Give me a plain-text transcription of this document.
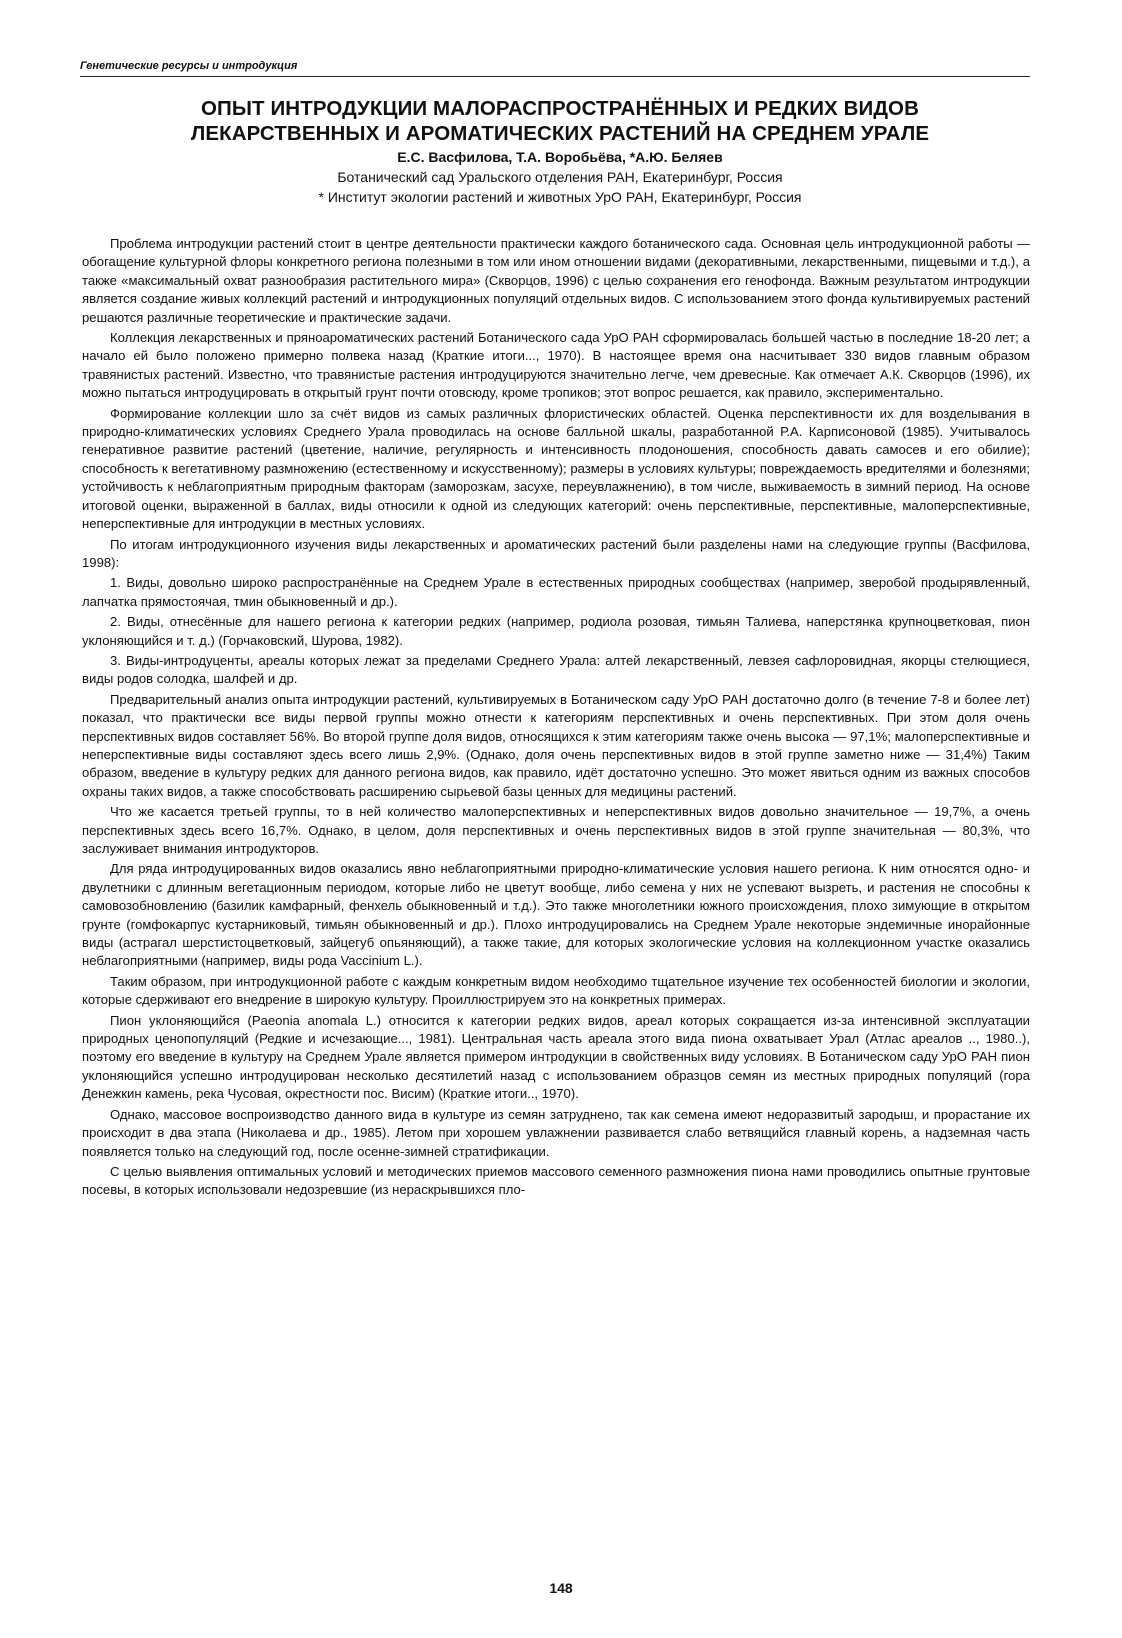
Генетические ресурсы и интродукция
ОПЫТ ИНТРОДУКЦИИ МАЛОРАСПРОСТРАНЁННЫХ И РЕДКИХ ВИДОВ
ЛЕКАРСТВЕННЫХ И АРОМАТИЧЕСКИХ РАСТЕНИЙ НА СРЕДНЕМ УРАЛЕ
Е.С. Васфилова, Т.А. Воробьёва, *А.Ю. Беляев
Ботанический сад Уральского отделения РАН, Екатеринбург, Россия
* Институт экологии растений и животных УрО РАН, Екатеринбург, Россия

Проблема интродукции растений стоит в центре деятельности практически каждого ботанического сада. Основная цель интродукционной работы — обогащение культурной флоры конкретного региона полезными в том или ином отношении видами (декоративными, лекарственными, пищевыми и т.д.), а также «максимальный охват разнообразия растительного мира» (Скворцов, 1996) с целью сохранения его генофонда. Важным результатом интродукции является создание живых коллекций растений и интродукционных популяций отдельных видов. С использованием этого фонда культивируемых растений решаются различные теоретические и практические задачи.

Коллекция лекарственных и пряноароматических растений Ботанического сада УрО РАН сформировалась большей частью в последние 18-20 лет; а начало ей было положено примерно полвека назад (Краткие итоги..., 1970). В настоящее время она насчитывает 330 видов главным образом травянистых растений. Известно, что травянистые растения интродуцируются значительно легче, чем древесные. Как отмечает А.К. Скворцов (1996), их можно пытаться интродуцировать в открытый грунт почти отовсюду, кроме тропиков; этот вопрос решается, как правило, экспериментально.

Формирование коллекции шло за счёт видов из самых различных флористических областей. Оценка перспективности их для возделывания в природно-климатических условиях Среднего Урала проводилась на основе балльной шкалы, разработанной Р.А. Карписоновой (1985). Учитывалось генеративное развитие растений (цветение, наличие, регулярность и интенсивность плодоношения, способность давать самосев и его обилие); способность к вегетативному размножению (естественному и искусственному); размеры в условиях культуры; повреждаемость вредителями и болезнями; устойчивость к неблагоприятным природным факторам (заморозкам, засухе, переувлажнению), в том числе, выживаемость в зимний период. На основе итоговой оценки, выраженной в баллах, виды относили к одной из следующих категорий: очень перспективные, перспективные, малоперспективные, неперспективные для интродукции в местных условиях.

По итогам интродукционного изучения виды лекарственных и ароматических растений были разделены нами на следующие группы (Васфилова, 1998):

1. Виды, довольно широко распространённые на Среднем Урале в естественных природных сообществах (например, зверобой продырявленный, лапчатка прямостоячая, тмин обыкновенный и др.).

2. Виды, отнесённые для нашего региона к категории редких (например, родиола розовая, тимьян Талиева, наперстянка крупноцветковая, пион уклоняющийся и т. д.) (Горчаковский, Шурова, 1982).

3. Виды-интродуценты, ареалы которых лежат за пределами Среднего Урала: алтей лекарственный, левзея сафлоровидная, якорцы стелющиеся, виды родов солодка, шалфей и др.

Предварительный анализ опыта интродукции растений, культивируемых в Ботаническом саду УрО РАН достаточно долго (в течение 7-8 и более лет) показал, что практически все виды первой группы можно отнести к категориям перспективных и очень перспективных. При этом доля очень перспективных видов составляет 56%. Во второй группе доля видов, относящихся к этим категориям также очень высока — 97,1%; малоперспективные и неперспективные виды составляют здесь всего лишь 2,9%. (Однако, доля очень перспективных видов в этой группе заметно ниже — 31,4%) Таким образом, введение в культуру редких для данного региона видов, как правило, идёт достаточно успешно. Это может явиться одним из важных способов охраны таких видов, а также способствовать расширению сырьевой базы ценных для медицины растений.

Что же касается третьей группы, то в ней количество малоперспективных и неперспективных видов довольно значительное — 19,7%, а очень перспективных здесь всего 16,7%. Однако, в целом, доля перспективных и очень перспективных видов в этой группе значительная — 80,3%, что заслуживает внимания интродукторов.

Для ряда интродуцированных видов оказались явно неблагоприятными природно-климатические условия нашего региона. К ним относятся одно- и двулетники с длинным вегетационным периодом, которые либо не цветут вообще, либо семена у них не успевают вызреть, и растения не способны к самовозобновлению (базилик камфарный, фенхель обыкновенный и т.д.). Это также многолетники южного происхождения, плохо зимующие в открытом грунте (гомфокарпус кустарниковый, тимьян обыкновенный и др.). Плохо интродуцировались на Среднем Урале некоторые эндемичные инорайонные виды (астрагал шерстистоцветковый, зайцегуб опьяняющий), а также такие, для которых экологические условия на коллекционном участке оказались неблагоприятными (например, виды рода Vaccinium L.).

Таким образом, при интродукционной работе с каждым конкретным видом необходимо тщательное изучение тех особенностей биологии и экологии, которые сдерживают его внедрение в широкую культуру. Проиллюстрируем это на конкретных примерах.

Пион уклоняющийся (Paeonia anomala L.) относится к категории редких видов, ареал которых сокращается из-за интенсивной эксплуатации природных ценопопуляций (Редкие и исчезающие..., 1981). Центральная часть ареала этого вида пиона охватывает Урал (Атлас ареалов .., 1980..), поэтому его введение в культуру на Среднем Урале является примером интродукции в свойственных виду условиях. В Ботаническом саду УрО РАН пион уклоняющийся успешно интродуцирован несколько десятилетий назад с использованием образцов семян из местных природных популяций (гора Денежкин камень, река Чусовая, окрестности пос. Висим) (Краткие итоги.., 1970).

Однако, массовое воспроизводство данного вида в культуре из семян затруднено, так как семена имеют недоразвитый зародыш, и прорастание их происходит в два этапа (Николаева и др., 1985). Летом при хорошем увлажнении развивается слабо ветвящийся главный корень, а надземная часть появляется только на следующий год, после осенне-зимней стратификации.

С целью выявления оптимальных условий и методических приемов массового семенного размножения пиона нами проводились опытные грунтовые посевы, в которых использовали недозревшие (из нераскрывшихся пло-

148
